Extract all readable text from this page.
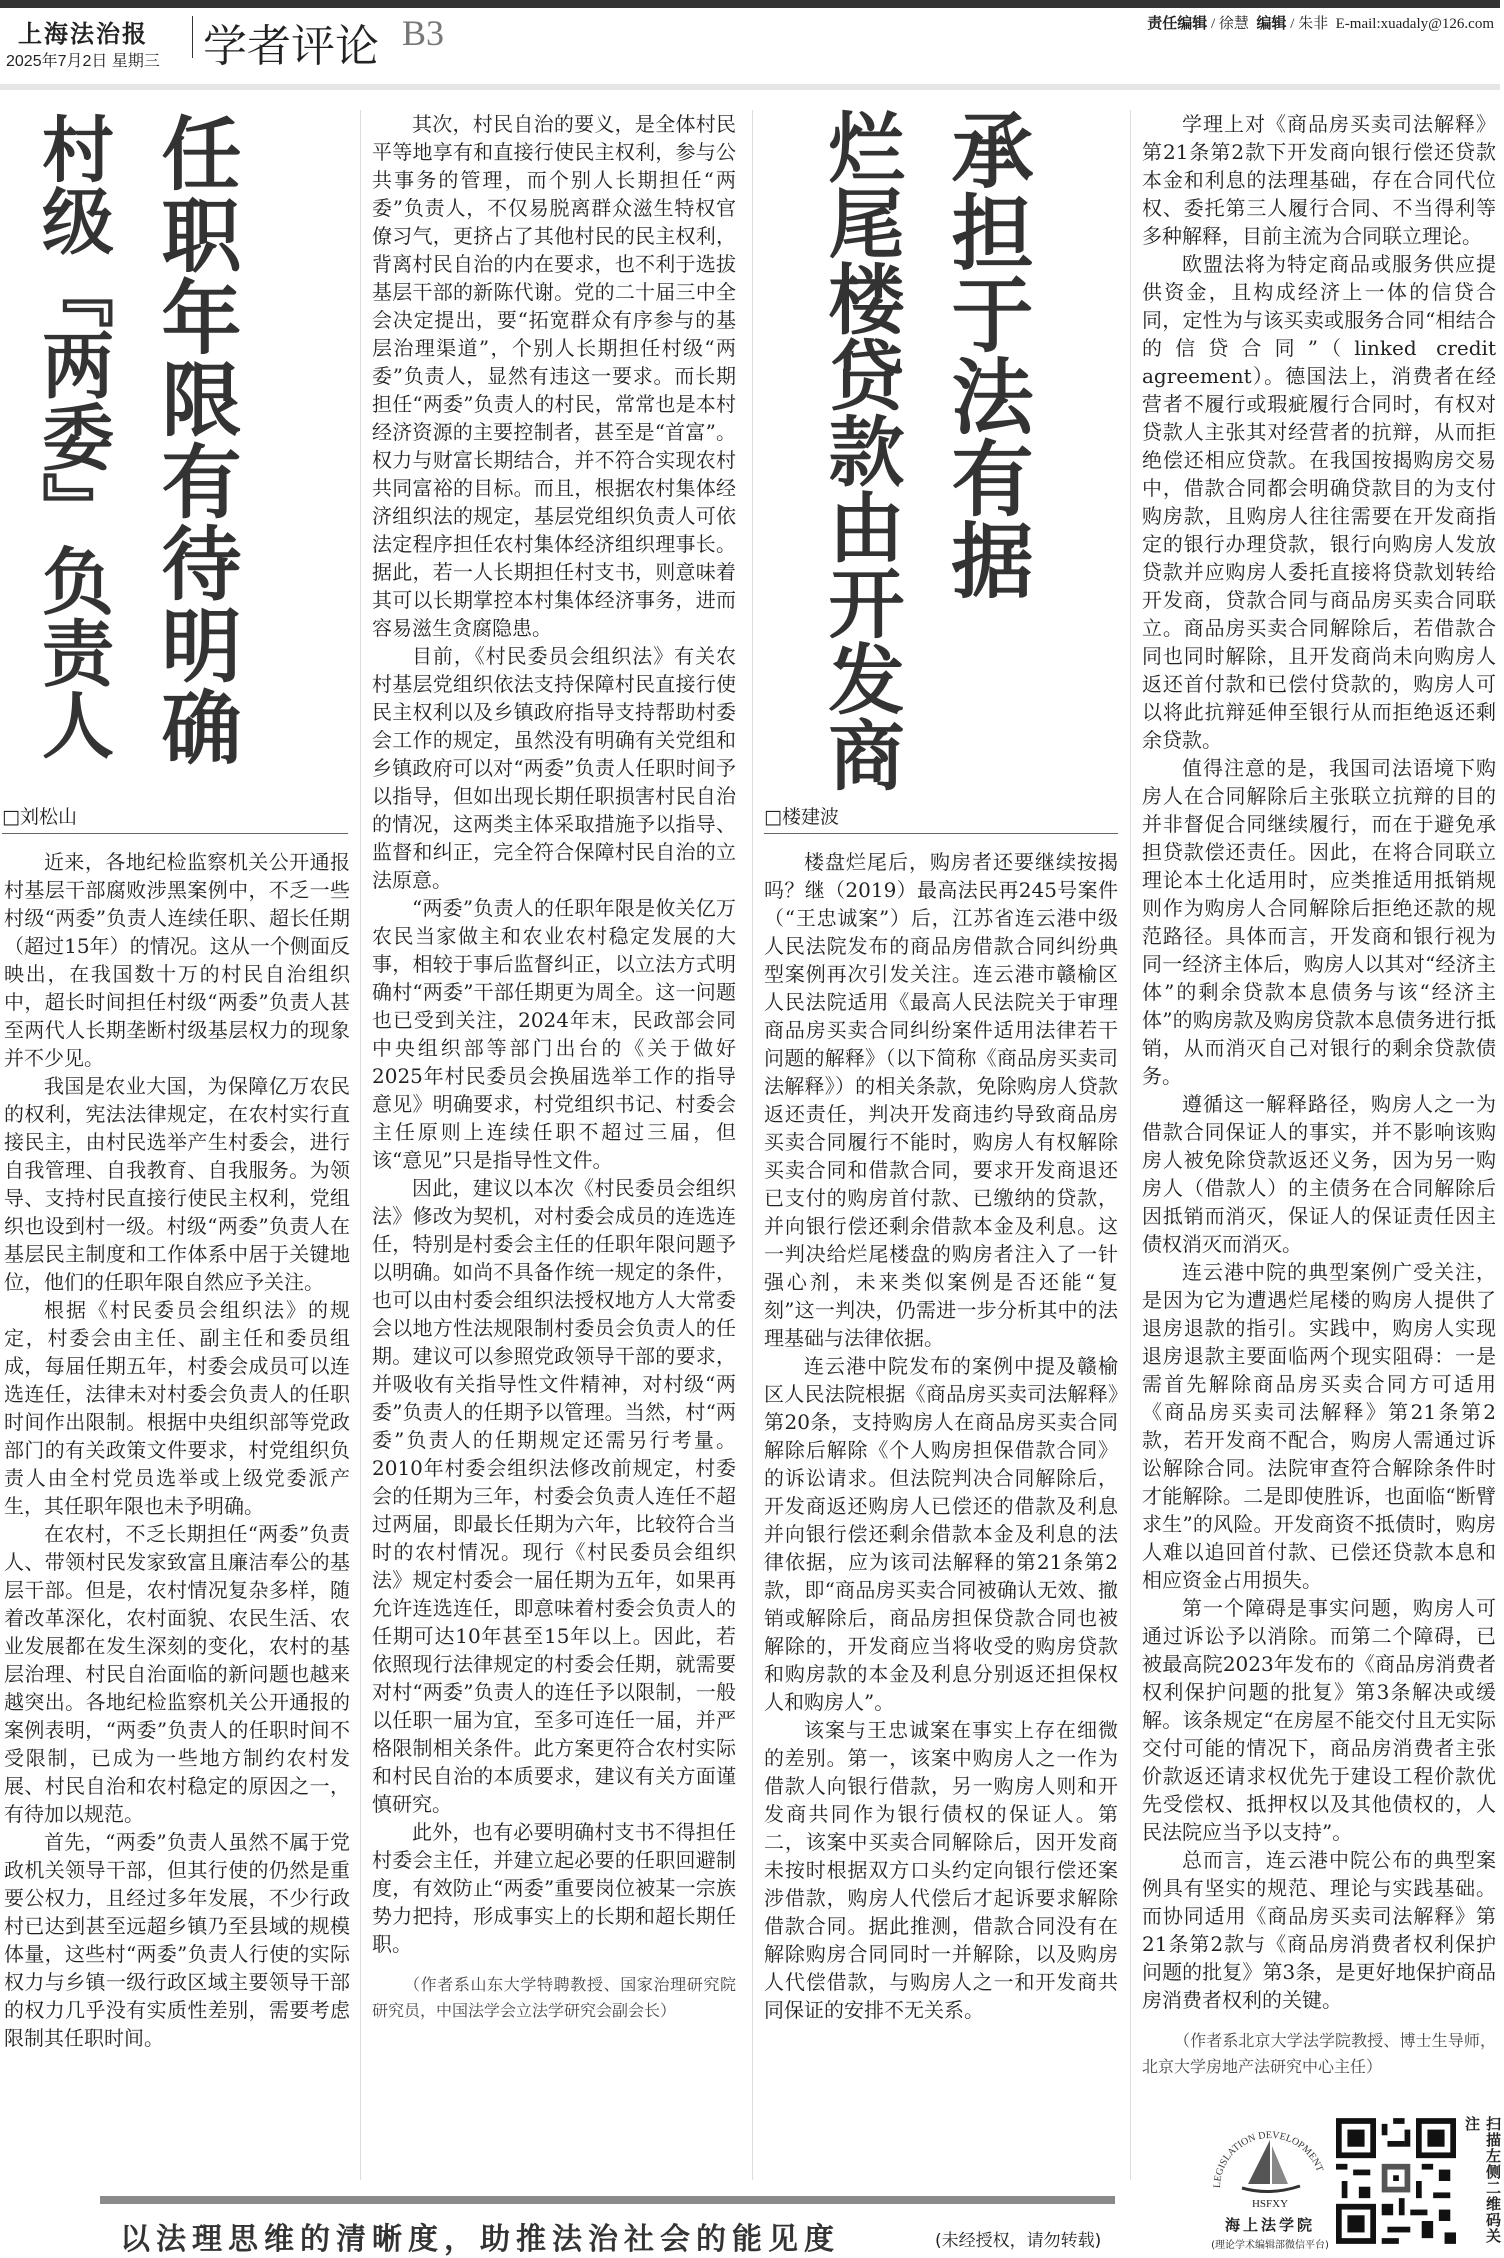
上海法治报
2025年7月2日 星期三 学者评论 B3	责任编辑 / 徐慧 编辑 / 朱非 E-mail:xuadaly@126.com
任职年限有待明确
村级『两委』负责人
□刘松山

近来，各地纪检监察机关公开通报村基层干部腐败涉黑案例中，不乏一些村级“两委”负责人连续任职、超长任期（超过15年）的情况。这从一个侧面反映出，在我国数十万的村民自治组织中，超长时间担任村级“两委”负责人甚至两代人长期垄断村级基层权力的现象并不少见。

我国是农业大国，为保障亿万农民的权利，宪法法律规定，在农村实行直接民主，由村民选举产生村委会，进行自我管理、自我教育、自我服务。为领导、支持村民直接行使民主权利，党组织也设到村一级。村级“两委”负责人在基层民主制度和工作体系中居于关键地位，他们的任职年限自然应予关注。

根据《村民委员会组织法》的规定，村委会由主任、副主任和委员组成，每届任期五年，村委会成员可以连选连任，法律未对村委会负责人的任职时间作出限制。根据中央组织部等党政部门的有关政策文件要求，村党组织负责人由全村党员选举或上级党委派产生，其任职年限也未予明确。

在农村，不乏长期担任“两委”负责人、带领村民发家致富且廉洁奉公的基层干部。但是，农村情况复杂多样，随着改革深化，农村面貌、农民生活、农业发展都在发生深刻的变化，农村的基层治理、村民自治面临的新问题也越来越突出。各地纪检监察机关公开通报的案例表明，“两委”负责人的任职时间不受限制，已成为一些地方制约农村发展、村民自治和农村稳定的原因之一，有待加以规范。

首先，“两委”负责人虽然不属于党政机关领导干部，但其行使的仍然是重要公权力，且经过多年发展，不少行政村已达到甚至远超乡镇乃至县域的规模体量，这些村“两委”负责人行使的实际权力与乡镇一级行政区域主要领导干部的权力几乎没有实质性差别，需要考虑限制其任职时间。

其次，村民自治的要义，是全体村民平等地享有和直接行使民主权利，参与公共事务的管理，而个别人长期担任“两委”负责人，不仅易脱离群众滋生特权官僚习气，更挤占了其他村民的民主权利，背离村民自治的内在要求，也不利于选拔基层干部的新陈代谢。党的二十届三中全会决定提出，要“拓宽群众有序参与的基层治理渠道”，个别人长期担任村级“两委”负责人，显然有违这一要求。而长期担任“两委”负责人的村民，常常也是本村经济资源的主要控制者，甚至是“首富”。权力与财富长期结合，并不符合实现农村共同富裕的目标。而且，根据农村集体经济组织法的规定，基层党组织负责人可依法定程序担任农村集体经济组织理事长。据此，若一人长期担任村支书，则意味着其可以长期掌控本村集体经济事务，进而容易滋生贪腐隐患。

目前，《村民委员会组织法》有关农村基层党组织依法支持保障村民直接行使民主权利以及乡镇政府指导支持帮助村委会工作的规定，虽然没有明确有关党组和乡镇政府可以对“两委”负责人任职时间予以指导，但如出现长期任职损害村民自治的情况，这两类主体采取措施予以指导、监督和纠正，完全符合保障村民自治的立法原意。

“两委”负责人的任职年限是攸关亿万农民当家做主和农业农村稳定发展的大事，相较于事后监督纠正，以立法方式明确村“两委”干部任期更为周全。这一问题也已受到关注，2024年末，民政部会同中央组织部等部门出台的《关于做好2025年村民委员会换届选举工作的指导意见》明确要求，村党组织书记、村委会主任原则上连续任职不超过三届，但该“意见”只是指导性文件。

因此，建议以本次《村民委员会组织法》修改为契机，对村委会成员的连选连任，特别是村委会主任的任职年限问题予以明确。如尚不具备作统一规定的条件，也可以由村委会组织法授权地方人大常委会以地方性法规限制村委员会负责人的任期。建议可以参照党政领导干部的要求，并吸收有关指导性文件精神，对村级“两委”负责人的任期予以管理。当然，村“两委”负责人的任期规定还需另行考量。2010年村委会组织法修改前规定，村委会的任期为三年，村委会负责人连任不超过两届，即最长任期为六年，比较符合当时的农村情况。现行《村民委员会组织法》规定村委会一届任期为五年，如果再允许连选连任，即意味着村委会负责人的任期可达10年甚至15年以上。因此，若依照现行法律规定的村委会任期，就需要对村“两委”负责人的连任予以限制，一般以任职一届为宜，至多可连任一届，并严格限制相关条件。此方案更符合农村实际和村民自治的本质要求，建议有关方面谨慎研究。

此外，也有必要明确村支书不得担任村委会主任，并建立起必要的任职回避制度，有效防止“两委”重要岗位被某一宗族势力把持，形成事实上的长期和超长期任职。

（作者系山东大学特聘教授、国家治理研究院研究员，中国法学会立法学研究会副会长）

承担于法有据
烂尾楼贷款由开发商
□楼建波

楼盘烂尾后，购房者还要继续按揭吗？继（2019）最高法民再245号案件（“王忠诚案”）后，江苏省连云港中级人民法院发布的商品房借款合同纠纷典型案例再次引发关注。连云港市赣榆区人民法院适用《最高人民法院关于审理商品房买卖合同纠纷案件适用法律若干问题的解释》（以下简称《商品房买卖司法解释》）的相关条款，免除购房人贷款返还责任，判决开发商违约导致商品房买卖合同履行不能时，购房人有权解除买卖合同和借款合同，要求开发商退还已支付的购房首付款、已缴纳的贷款，并向银行偿还剩余借款本金及利息。这一判决给烂尾楼盘的购房者注入了一针强心剂，未来类似案例是否还能“复刻”这一判决，仍需进一步分析其中的法理基础与法律依据。

连云港中院发布的案例中提及赣榆区人民法院根据《商品房买卖司法解释》第20条，支持购房人在商品房买卖合同解除后解除《个人购房担保借款合同》的诉讼请求。但法院判决合同解除后，开发商返还购房人已偿还的借款及利息并向银行偿还剩余借款本金及利息的法律依据，应为该司法解释的第21条第2款，即“商品房买卖合同被确认无效、撤销或解除后，商品房担保贷款合同也被解除的，开发商应当将收受的购房贷款和购房款的本金及利息分别返还担保权人和购房人”。

该案与王忠诚案在事实上存在细微的差别。第一，该案中购房人之一作为借款人向银行借款，另一购房人则和开发商共同作为银行债权的保证人。第二，该案中买卖合同解除后，因开发商未按时根据双方口头约定向银行偿还案涉借款，购房人代偿后才起诉要求解除借款合同。据此推测，借款合同没有在解除购房合同同时一并解除，以及购房人代偿借款，与购房人之一和开发商共同保证的安排不无关系。

学理上对《商品房买卖司法解释》第21条第2款下开发商向银行偿还贷款本金和利息的法理基础，存在合同代位权、委托第三人履行合同、不当得利等多种解释，目前主流为合同联立理论。

欧盟法将为特定商品或服务供应提供资金，且构成经济上一体的信贷合同，定性为与该买卖或服务合同“相结合的信贷合同”（linked credit agreement）。德国法上，消费者在经营者不履行或瑕疵履行合同时，有权对贷款人主张其对经营者的抗辩，从而拒绝偿还相应贷款。在我国按揭购房交易中，借款合同都会明确贷款目的为支付购房款，且购房人往往需要在开发商指定的银行办理贷款，银行向购房人发放贷款并应购房人委托直接将贷款划转给开发商，贷款合同与商品房买卖合同联立。商品房买卖合同解除后，若借款合同也同时解除，且开发商尚未向购房人返还首付款和已偿付贷款的，购房人可以将此抗辩延伸至银行从而拒绝返还剩余贷款。

值得注意的是，我国司法语境下购房人在合同解除后主张联立抗辩的目的并非督促合同继续履行，而在于避免承担贷款偿还责任。因此，在将合同联立理论本土化适用时，应类推适用抵销规则作为购房人合同解除后拒绝还款的规范路径。具体而言，开发商和银行视为同一经济主体后，购房人以其对“经济主体”的剩余贷款本息债务与该“经济主体”的购房款及购房贷款本息债务进行抵销，从而消灭自己对银行的剩余贷款债务。

遵循这一解释路径，购房人之一为借款合同保证人的事实，并不影响该购房人被免除贷款返还义务，因为另一购房人（借款人）的主债务在合同解除后因抵销而消灭，保证人的保证责任因主债权消灭而消灭。

连云港中院的典型案例广受关注，是因为它为遭遇烂尾楼的购房人提供了退房退款的指引。实践中，购房人实现退房退款主要面临两个现实阻碍：一是需首先解除商品房买卖合同方可适用《商品房买卖司法解释》第21条第2款，若开发商不配合，购房人需通过诉讼解除合同。法院审查符合解除条件时才能解除。二是即使胜诉，也面临“断臂求生”的风险。开发商资不抵债时，购房人难以追回首付款、已偿还贷款本息和相应资金占用损失。

第一个障碍是事实问题，购房人可通过诉讼予以消除。而第二个障碍，已被最高院2023年发布的《商品房消费者权利保护问题的批复》第3条解决或缓解。该条规定“在房屋不能交付且无实际交付可能的情况下，商品房消费者主张价款返还请求权优先于建设工程价款优先受偿权、抵押权以及其他债权的，人民法院应当予以支持”。

总而言，连云港中院公布的典型案例具有坚实的规范、理论与实践基础。而协同适用《商品房买卖司法解释》第21条第2款与《商品房消费者权利保护问题的批复》第3条，是更好地保护商品房消费者权利的关键。

（作者系北京大学法学院教授、博士生导师，北京大学房地产法研究中心主任）

以法理思维的清晰度，助推法治社会的能见度	(未经授权，请勿转载)
LEGISLATION DEVELOPMENT
HSFXY
海上法学院
(理论学术编辑部微信平台)
扫描左侧二维码关注
